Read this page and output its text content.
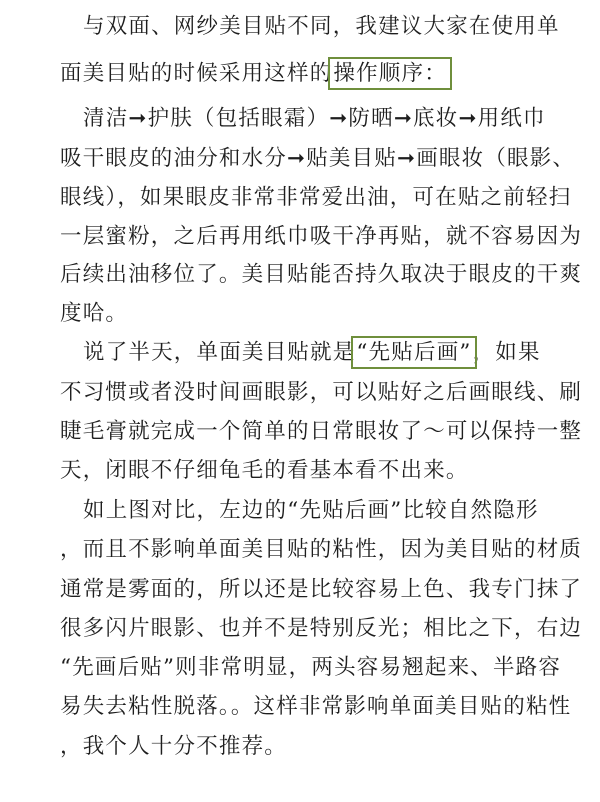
与双面、网纱美目贴不同，我建议大家在使用单
面美目贴的时候采用这样的操作顺序：
清洁➞护肤（包括眼霜）➞防晒➞底妆➞用纸巾
吸干眼皮的油分和水分➞贴美目贴➞画眼妆（眼影、
眼线），如果眼皮非常非常爱出油，可在贴之前轻扫
一层蜜粉，之后再用纸巾吸干净再贴，就不容易因为
后续出油移位了。美目贴能否持久取决于眼皮的干爽
度哈。
说了半天，单面美目贴就是“先贴后画”，如果
不习惯或者没时间画眼影，可以贴好之后画眼线、刷
睫毛膏就完成一个简单的日常眼妆了～可以保持一整
天，闭眼不仔细龟毛的看基本看不出来。
如上图对比，左边的“先贴后画”比较自然隐形
，而且不影响单面美目贴的粘性，因为美目贴的材质
通常是雾面的，所以还是比较容易上色、我专门抹了
很多闪片眼影、也并不是特别反光；相比之下，右边
“先画后贴”则非常明显，两头容易翘起来、半路容
易失去粘性脱落。。这样非常影响单面美目贴的粘性
，我个人十分不推荐。
